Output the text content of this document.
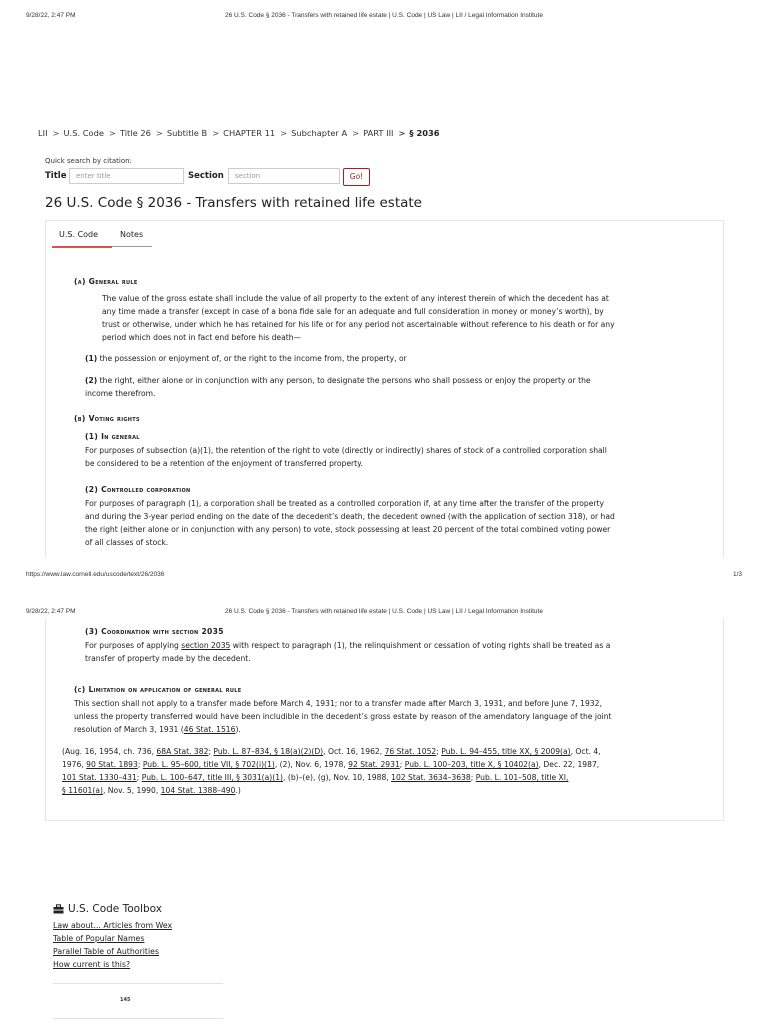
9/28/22, 2:47 PM	26 U.S. Code § 2036 - Transfers with retained life estate | U.S. Code | US Law | LII / Legal Information Institute
LII > U.S. Code > Title 26 > Subtitle B > CHAPTER 11 > Subchapter A > PART III > § 2036
Quick search by citation:
Title	enter title	Section	section	Go!
26 U.S. Code § 2036 - Transfers with retained life estate
U.S. Code	Notes
(a) General rule
The value of the gross estate shall include the value of all property to the extent of any interest therein of which the decedent has at
any time made a transfer (except in case of a bona fide sale for an adequate and full consideration in money or money’s worth), by
trust or otherwise, under which he has retained for his life or for any period not ascertainable without reference to his death or for any
period which does not in fact end before his death—
(1) the possession or enjoyment of, or the right to the income from, the property, or
(2) the right, either alone or in conjunction with any person, to designate the persons who shall possess or enjoy the property or the
income therefrom.
(b) Voting rights
(1) In general
For purposes of subsection (a)(1), the retention of the right to vote (directly or indirectly) shares of stock of a controlled corporation shall
be considered to be a retention of the enjoyment of transferred property.
(2) Controlled corporation
For purposes of paragraph (1), a corporation shall be treated as a controlled corporation if, at any time after the transfer of the property
and during the 3-year period ending on the date of the decedent’s death, the decedent owned (with the application of section 318), or had
the right (either alone or in conjunction with any person) to vote, stock possessing at least 20 percent of the total combined voting power
of all classes of stock.
https://www.law.cornell.edu/uscode/text/26/2036	1/3
9/28/22, 2:47 PM	26 U.S. Code § 2036 - Transfers with retained life estate | U.S. Code | US Law | LII / Legal Information Institute
(3) Coordination with section 2035
For purposes of applying section 2035 with respect to paragraph (1), the relinquishment or cessation of voting rights shall be treated as a
transfer of property made by the decedent.
(c) Limitation on application of general rule
This section shall not apply to a transfer made before March 4, 1931; nor to a transfer made after March 3, 1931, and before June 7, 1932,
unless the property transferred would have been includible in the decedent’s gross estate by reason of the amendatory language of the joint
resolution of March 3, 1931 (46 Stat. 1516).
(Aug. 16, 1954, ch. 736, 68A Stat. 382; Pub. L. 87–834, § 18(a)(2)(D), Oct. 16, 1962, 76 Stat. 1052; Pub. L. 94–455, title XX, § 2009(a), Oct. 4,
1976, 90 Stat. 1893; Pub. L. 95–600, title VII, § 702(i)(1), (2), Nov. 6, 1978, 92 Stat. 2931; Pub. L. 100–203, title X, § 10402(a), Dec. 22, 1987,
101 Stat. 1330–431; Pub. L. 100–647, title III, § 3031(a)(1), (b)–(e), (g), Nov. 10, 1988, 102 Stat. 3634–3638; Pub. L. 101–508, title XI,
§ 11601(a), Nov. 5, 1990, 104 Stat. 1388–490.)
U.S. Code Toolbox
Law about... Articles from Wex
Table of Popular Names
Parallel Table of Authorities
How current is this?
145
